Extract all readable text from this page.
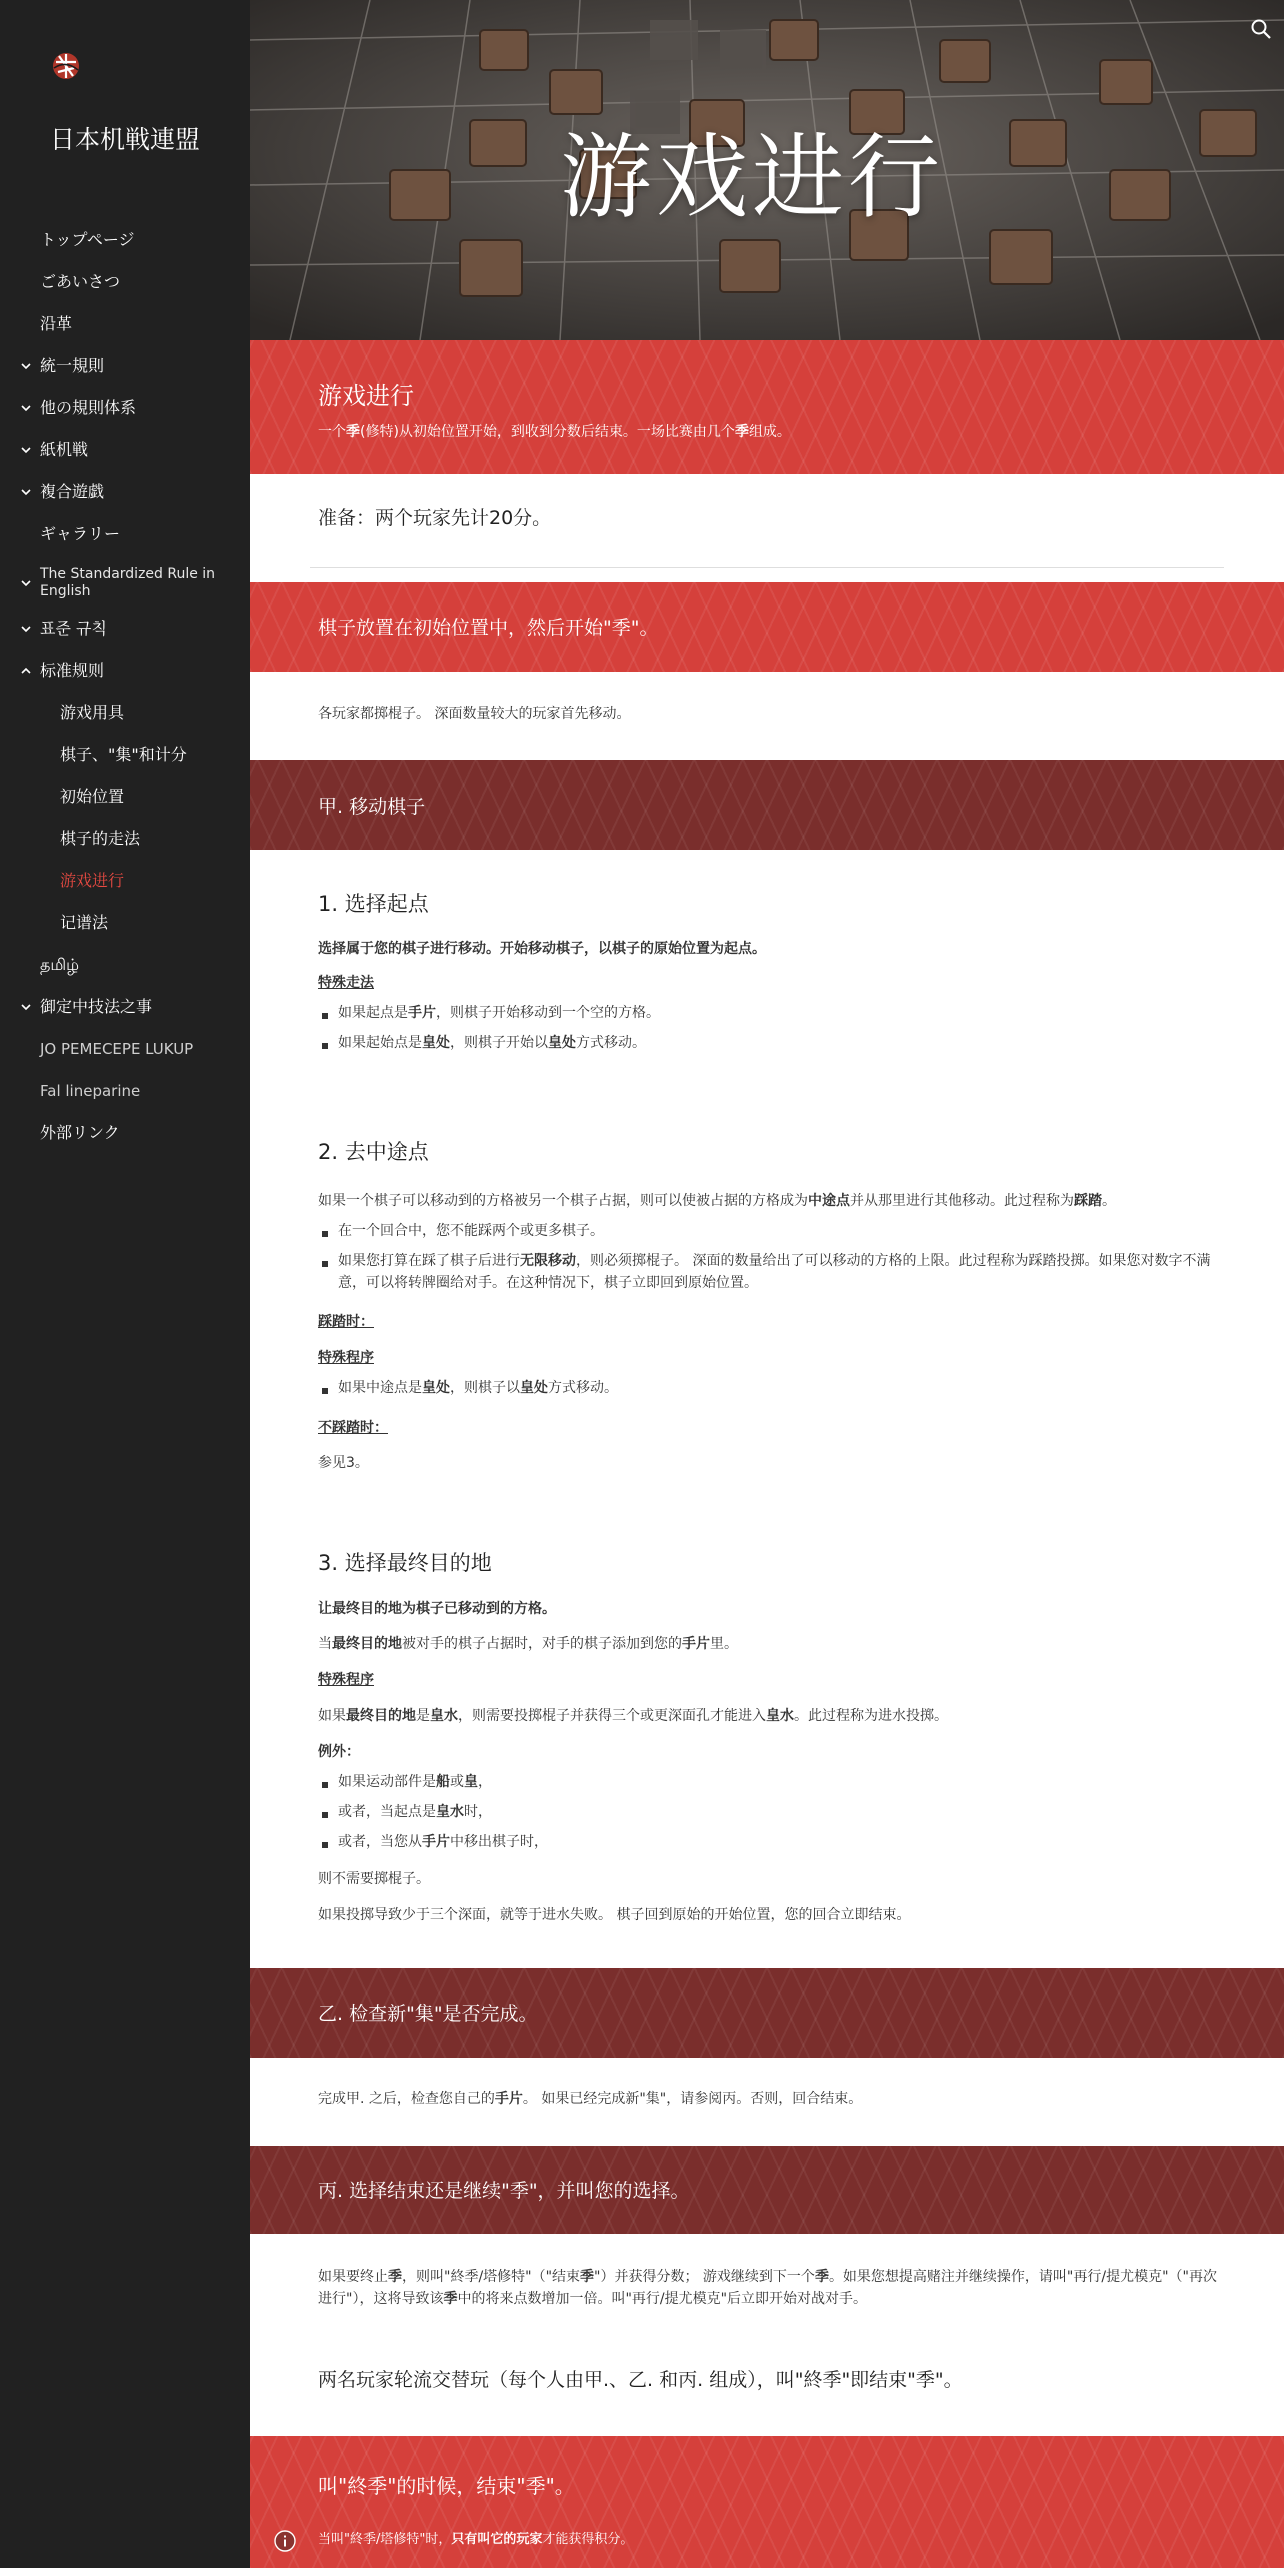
日本机戦連盟
トップページ
ごあいさつ
沿革
統一規則
他の規則体系
紙机戦
複合遊戯
ギャラリー
The Standardized Rule in English
표준 규칙
标准规则
游戏用具
棋子、"集"和计分
初始位置
棋子的走法
游戏进行
记谱法
தமிழ்
御定中技法之事
JO PEMECEPE LUKUP
Fal lineparine
外部リンク
游戏进行
游戏进行
一个季(修特)从初始位置开始，到收到分数后结束。一场比赛由几个季组成。
准备：两个玩家先计20分。
棋子放置在初始位置中，然后开始"季"。
各玩家都掷棍子。 深面数量较大的玩家首先移动。
甲. 移动棋子
1. 选择起点
选择属于您的棋子进行移动。开始移动棋子，以棋子的原始位置为起点。
特殊走法
如果起点是手片，则棋子开始移动到一个空的方格。
如果起始点是皇处，则棋子开始以皇处方式移动。
2. 去中途点
如果一个棋子可以移动到的方格被另一个棋子占据，则可以使被占据的方格成为中途点并从那里进行其他移动。此过程称为踩踏。
在一个回合中，您不能踩两个或更多棋子。
如果您打算在踩了棋子后进行无限移动，则必须掷棍子。 深面的数量给出了可以移动的方格的上限。此过程称为踩踏投掷。如果您对数字不满意，可以将转牌圈给对手。在这种情况下，棋子立即回到原始位置。
踩踏时：
特殊程序
如果中途点是皇处，则棋子以皇处方式移动。
不踩踏时：
参见3。
3. 选择最终目的地
让最终目的地为棋子已移动到的方格。
当最终目的地被对手的棋子占据时，对手的棋子添加到您的手片里。
特殊程序
如果最终目的地是皇水，则需要投掷棍子并获得三个或更深面孔才能进入皇水。此过程称为进水投掷。
例外：
如果运动部件是船或皇，
或者，当起点是皇水时，
或者，当您从手片中移出棋子时，
则不需要掷棍子。
如果投掷导致少于三个深面，就等于进水失败。 棋子回到原始的开始位置，您的回合立即结束。
乙. 检查新"集"是否完成。
完成甲. 之后，检查您自己的手片。 如果已经完成新"集"，请参阅丙。否则，回合结束。
丙. 选择结束还是继续"季"，并叫您的选择。
如果要终止季，则叫"終季/塔修特"（"结束季"）并获得分数； 游戏继续到下一个季。如果您想提高赌注并继续操作，请叫"再行/提尤模克"（"再次进行"），这将导致该季中的将来点数增加一倍。叫"再行/提尤模克"后立即开始对战对手。
两名玩家轮流交替玩（每个人由甲.、乙. 和丙. 组成），叫"終季"即结束"季"。
叫"終季"的时候，结束"季"。
当叫"終季/塔修特"时，只有叫它的玩家才能获得积分。
